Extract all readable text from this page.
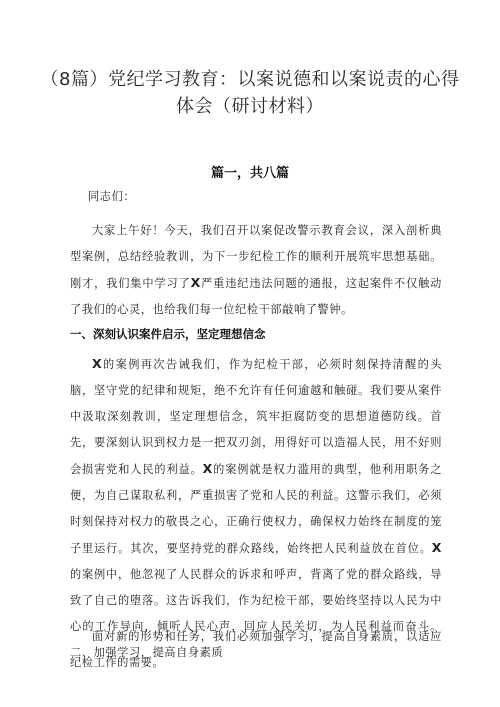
（8篇）党纪学习教育：以案说德和以案说责的心得体会（研讨材料）
篇一，共八篇

同志们：

大家上午好！今天，我们召开以案促改警示教育会议，深入剖析典型案例，总结经验教训，为下一步纪检工作的顺利开展筑牢思想基础。刚才，我们集中学习了X严重违纪违法问题的通报，这起案件不仅触动了我们的心灵，也给我们每一位纪检干部敲响了警钟。

一、深刻认识案件启示，坚定理想信念

X的案例再次告诫我们，作为纪检干部，必须时刻保持清醒的头脑，坚守党的纪律和规矩，绝不允许有任何逾越和触碰。我们要从案件中汲取深刻教训，坚定理想信念，筑牢拒腐防变的思想道德防线。首先，要深刻认识到权力是一把双刃剑，用得好可以造福人民，用不好则会损害党和人民的利益。X的案例就是权力滥用的典型，他利用职务之便，为自己谋取私利，严重损害了党和人民的利益。这警示我们，必须时刻保持对权力的敬畏之心，正确行使权力，确保权力始终在制度的笼子里运行。其次，要坚持党的群众路线，始终把人民利益放在首位。X的案例中，他忽视了人民群众的诉求和呼声，背离了党的群众路线，导致了自己的堕落。这告诉我们，作为纪检干部，要始终坚持以人民为中心的工作导向，倾听人民心声，回应人民关切，为人民利益而奋斗。二、加强学习，提高自身素质

面对新的形势和任务，我们必须加强学习，提高自身素质，以适应纪检工作的需要。
